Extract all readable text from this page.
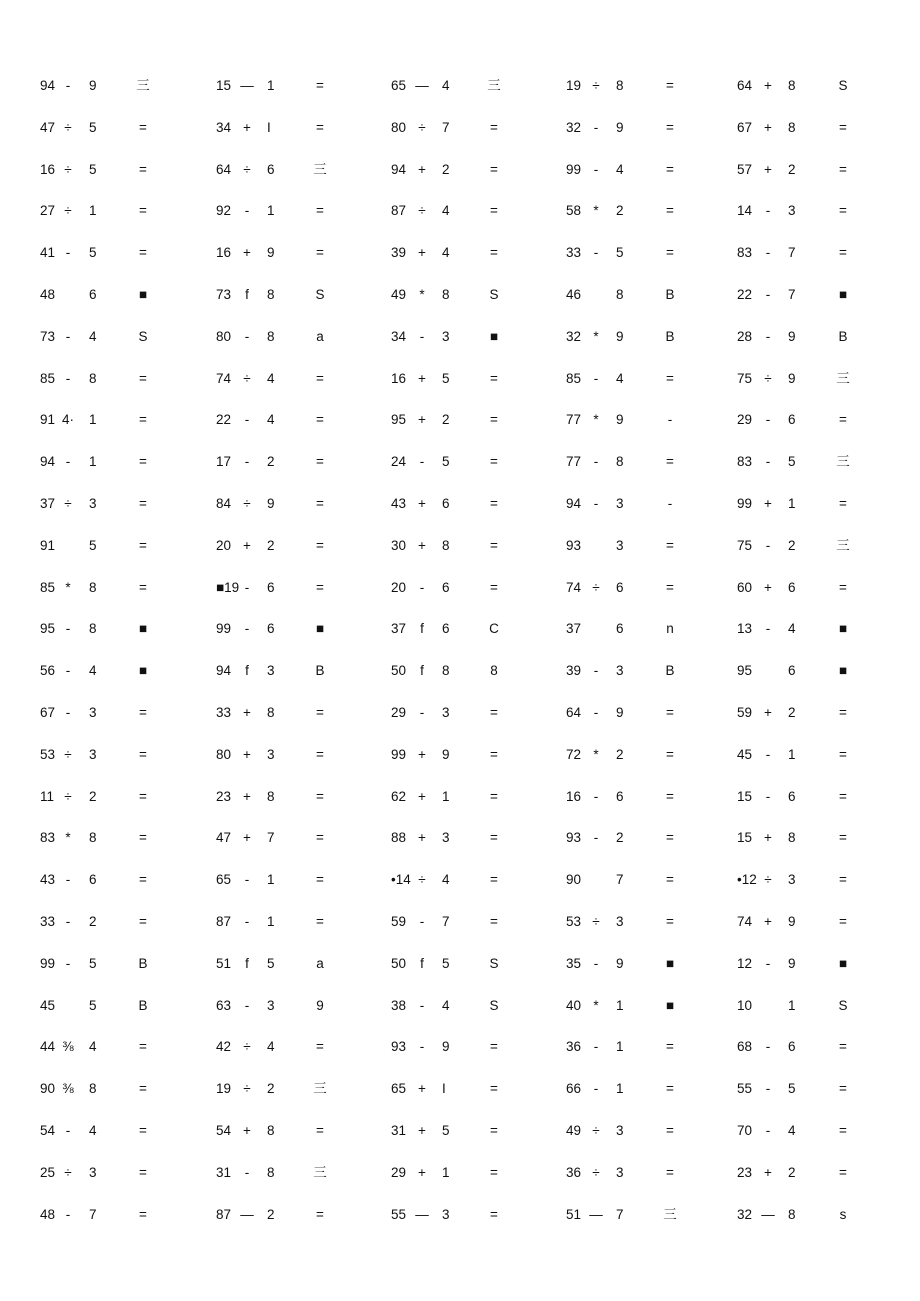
94 -	9	三	15 — 1	=	65 — 4	三	19 ÷	8	=	64 +	8	S
47 ÷	5	=	34 +	I	=	80 ÷	7	=	32 -	9	=	67 +	8	=
16 ÷	5	=	64 ÷	6	三	94 +	2	=	99 -	4	=	57 +	2	=
27 ÷	1	=	92	-	1	=	87 ÷	4	=	58 *	2	=	14	-	3	=
41 -	5	=	16 +	9	=	39 +	4	=	33 -	5	=	83	-	7	=
48	6	■	73	f	8	S	49 *	8	S	46	8	B	22	-	7	■
73 -	4	S	80	-	8	a	34	-	3	■	32 *	9	B	28	-	9	B
85 -	8	=	74 ÷	4	=	16 +	5	=	85 -	4	=	75 ÷	9	三
91 4· 1	=	22	-	4	=	95 +	2	=	77 *	9	-	29	-	6	=
94 -	1	=	17	-	2	=	24	-	5	=	77 -	8	=	83	-	5	三
37 ÷	3	=	84 ÷	9	=	43 +	6	=	94 -	3	-	99 +	1	=
91	5	=	20 +	2	=	30 +	8	=	93	3	=	75	-	2	三
85 *	8	=	■19 -	6	=	20	-	6	=	74 ÷	6	=	60 +	6	=
95 -	8	■	99	-	6	■	37	f	6	C	37	6	n	13	-	4	■
56 -	4	■	94	f	3	B	50	f	8	8	39 -	3	B	95	6	■
67 -	3	=	33 +	8	=	29	-	3	=	64 -	9	=	59 +	2	=
53 ÷	3	=	80 +	3	=	99 +	9	=	72 *	2	=	45	-	1	=
11 ÷	2	=	23 +	8	=	62 +	1	=	16 -	6	=	15	-	6	=
83 *	8	=	47 +	7	=	88 +	3	=	93 -	2	=	15 +	8	=
43 -	6	=	65	-	1	=	•14 ÷	4	=	90	7	=	•12 ÷	3	=
33 -	2	=	87	-	1	=	59	-	7	=	53 ÷	3	=	74 +	9	=
99 -	5	B	51	f	5	a	50	f	5	S	35 -	9	■	12	-	9	■
45	5	B	63	-	3	9	38	-	4	S	40 *	1	■	10	1	S
44 ⅜ 4	=	42 ÷	4	=	93	-	9	=	36 -	1	=	68	-	6	=
90 ⅜ 8	=	19 ÷	2	三	65 +	I	=	66 -	1	=	55	-	5	=
54 -	4	=	54 +	8	=	31 +	5	=	49 ÷	3	=	70	-	4	=
25 ÷	3	=	31	-	8	三	29 +	1	=	36 ÷	3	=	23 +	2	=
48 -	7	=	87 — 2	=	55 — 3	=	51 — 7	三	32 — 8	s
